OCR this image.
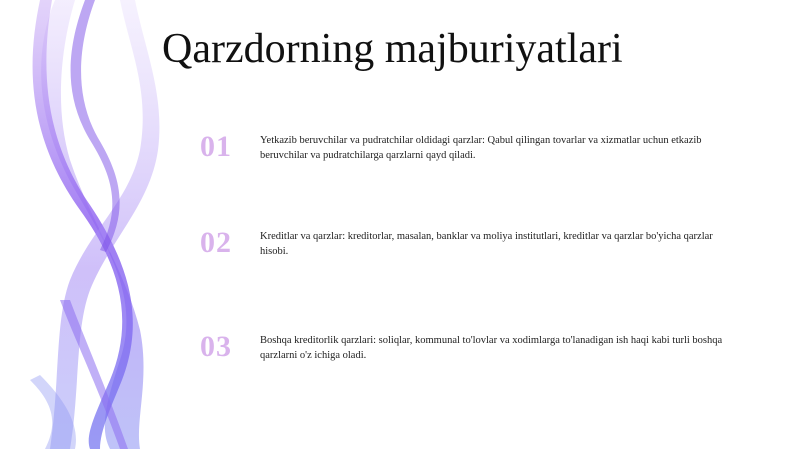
Qarzdorning majburiyatlari
01	Yetkazib beruvchilar va pudratchilar oldidagi qarzlar: Qabul qilingan tovarlar va xizmatlar uchun etkazib beruvchilar va pudratchilarga qarzlarni qayd qiladi.
02	Kreditlar va qarzlar: kreditorlar, masalan, banklar va moliya institutlari, kreditlar va qarzlar bo'yicha qarzlar hisobi.
03	Boshqa kreditorlik qarzlari: soliqlar, kommunal to'lovlar va xodimlarga to'lanadigan ish haqi kabi turli boshqa qarzlarni o'z ichiga oladi.
